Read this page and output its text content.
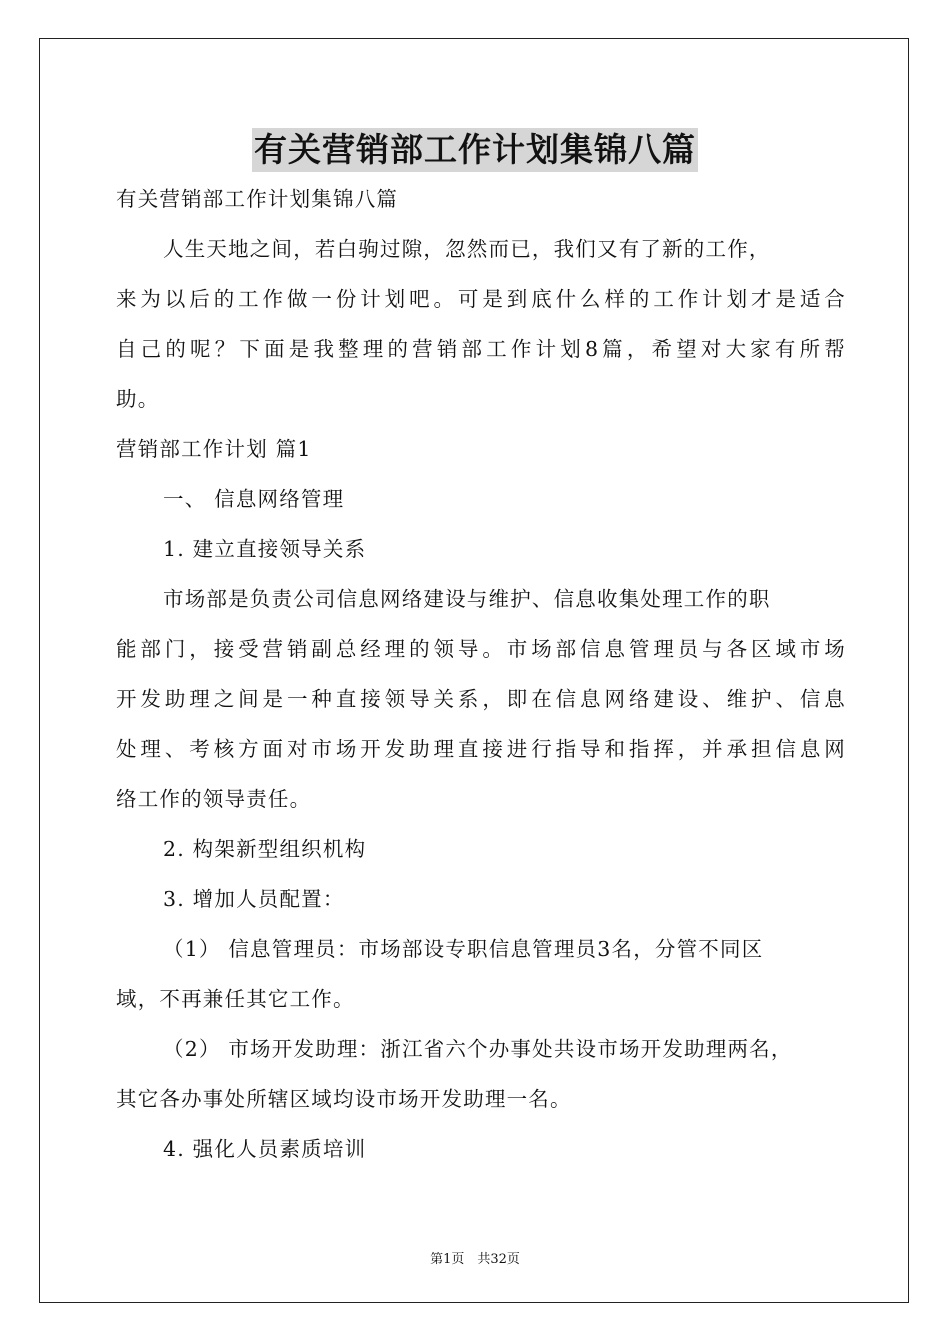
有关营销部工作计划集锦八篇
有关营销部工作计划集锦八篇
人生天地之间，若白驹过隙，忽然而已，我们又有了新的工作，
来为以后的工作做一份计划吧。可是到底什么样的工作计划才是适合
自己的呢？下面是我整理的营销部工作计划8篇，希望对大家有所帮
助。
营销部工作计划 篇1
一、 信息网络管理
1. 建立直接领导关系
市场部是负责公司信息网络建设与维护、信息收集处理工作的职
能部门，接受营销副总经理的领导。市场部信息管理员与各区域市场
开发助理之间是一种直接领导关系，即在信息网络建设、维护、信息
处理、考核方面对市场开发助理直接进行指导和指挥，并承担信息网
络工作的领导责任。
2. 构架新型组织机构
3. 增加人员配置：
（1） 信息管理员：市场部设专职信息管理员3名，分管不同区
域，不再兼任其它工作。
（2） 市场开发助理：浙江省六个办事处共设市场开发助理两名，
其它各办事处所辖区域均设市场开发助理一名。
4. 强化人员素质培训
第1页　共32页
